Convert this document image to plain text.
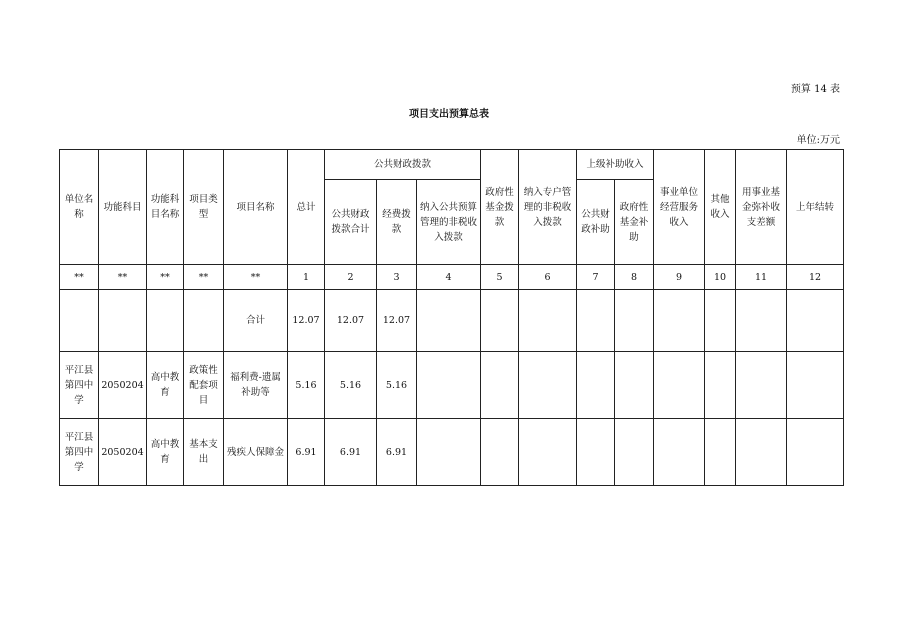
预算 14 表
项目支出预算总表
单位:万元
单位名称	功能科目	功能科目名称	项目类型	项目名称	总计	公共财政拨款			政府性基金拨款	纳入专户管理的非税收入拨款	上级补助收入		事业单位经营服务收入	其他收入	用事业基金弥补收支差额	上年结转
						公共财政拨款合计	经费拨款	纳入公共预算管理的非税收入拨款			公共财政补助	政府性基金补助				
**	**	**	**	**	1	2	3	4	5	6	7	8	9	10	11	12
				合计	12.07	12.07	12.07									
平江县第四中学	2050204	高中教育	政策性配套项目	福利费-遗属补助等	5.16	5.16	5.16									
平江县第四中学	2050204	高中教育	基本支出	残疾人保障金	6.91	6.91	6.91									
